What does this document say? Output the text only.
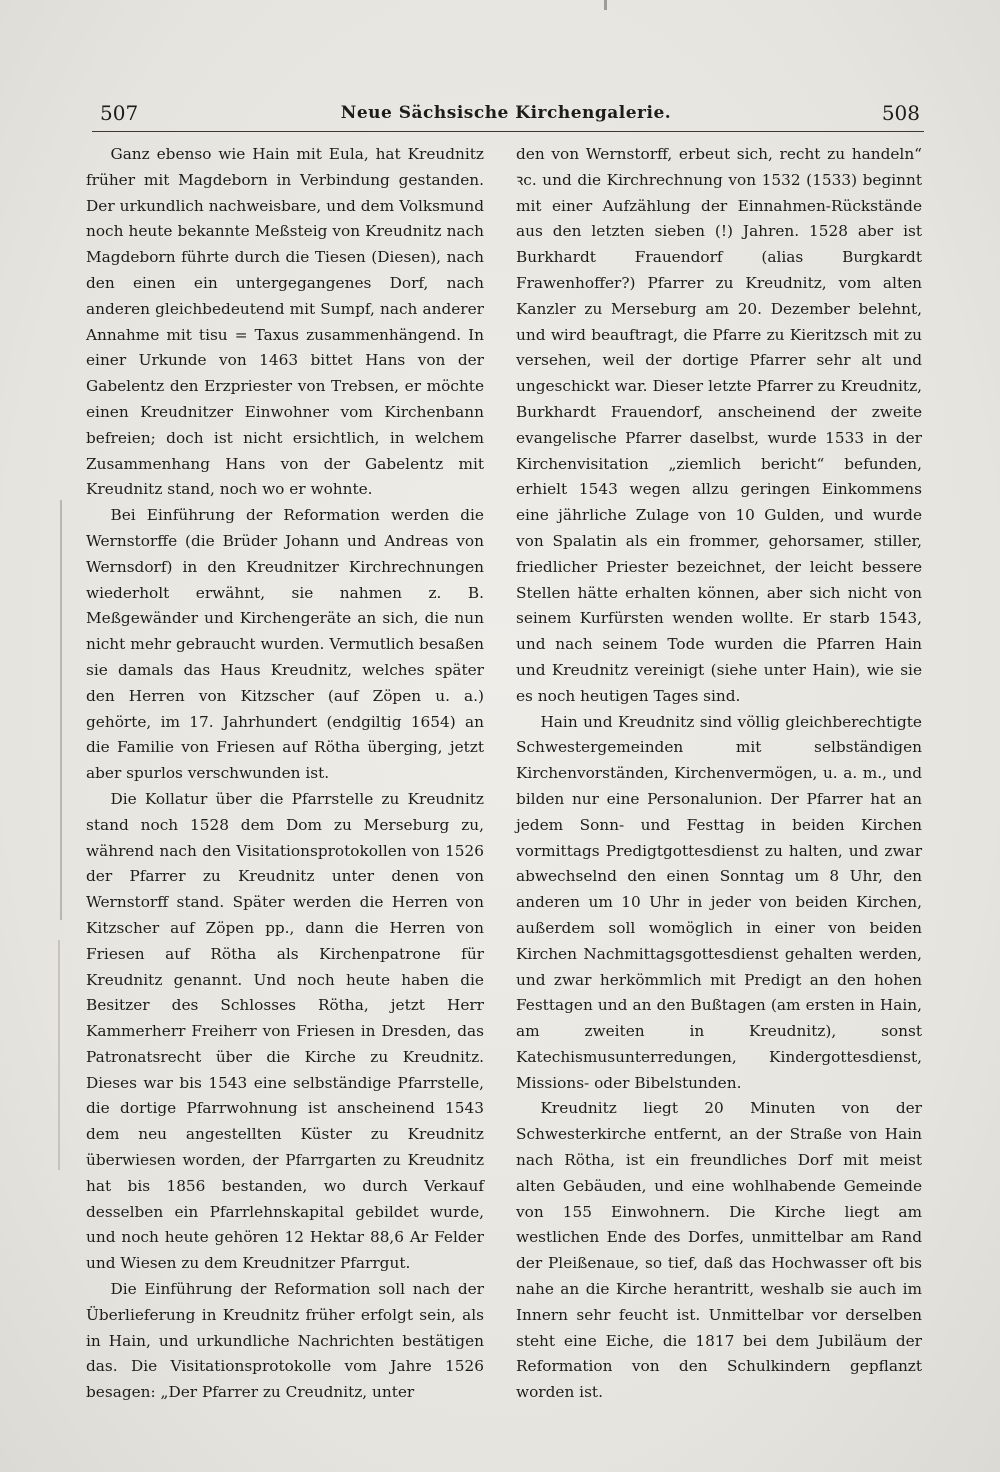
507	Neue Sächsische Kirchengalerie.	508

Ganz ebenso wie Hain mit Eula, hat Kreudnitz früher mit Magdeborn in Verbindung gestanden. Der urkundlich nachweisbare, und dem Volksmund noch heute bekannte Meßsteig von Kreudnitz nach Magdeborn führte durch die Tiesen (Diesen), nach den einen ein untergegangenes Dorf, nach anderen gleichbedeutend mit Sumpf, nach anderer Annahme mit tisu = Taxus zusammenhängend. In einer Urkunde von 1463 bittet Hans von der Gabelentz den Erzpriester von Trebsen, er möchte einen Kreudnitzer Einwohner vom Kirchenbann befreien; doch ist nicht ersichtlich, in welchem Zusammenhang Hans von der Gabelentz mit Kreudnitz stand, noch wo er wohnte.

Bei Einführung der Reformation werden die Wernstorffe (die Brüder Johann und Andreas von Wernsdorf) in den Kreudnitzer Kirchrechnungen wiederholt erwähnt, sie nahmen z. B. Meßgewänder und Kirchengeräte an sich, die nun nicht mehr gebraucht wurden. Vermutlich besaßen sie damals das Haus Kreudnitz, welches später den Herren von Kitzscher (auf Zöpen u. a.) gehörte, im 17. Jahrhundert (endgiltig 1654) an die Familie von Friesen auf Rötha überging, jetzt aber spurlos verschwunden ist.

Die Kollatur über die Pfarrstelle zu Kreudnitz stand noch 1528 dem Dom zu Merseburg zu, während nach den Visitationsprotokollen von 1526 der Pfarrer zu Kreudnitz unter denen von Wernstorff stand. Später werden die Herren von Kitzscher auf Zöpen pp., dann die Herren von Friesen auf Rötha als Kirchenpatrone für Kreudnitz genannt. Und noch heute haben die Besitzer des Schlosses Rötha, jetzt Herr Kammerherr Freiherr von Friesen in Dresden, das Patronatsrecht über die Kirche zu Kreudnitz. Dieses war bis 1543 eine selbständige Pfarrstelle, die dortige Pfarrwohnung ist anscheinend 1543 dem neu angestellten Küster zu Kreudnitz überwiesen worden, der Pfarrgarten zu Kreudnitz hat bis 1856 bestanden, wo durch Verkauf desselben ein Pfarrlehnskapital gebildet wurde, und noch heute gehören 12 Hektar 88,6 Ar Felder und Wiesen zu dem Kreudnitzer Pfarrgut.

Die Einführung der Reformation soll nach der Überlieferung in Kreudnitz früher erfolgt sein, als in Hain, und urkundliche Nachrichten bestätigen das. Die Visitationsprotokolle vom Jahre 1526 besagen: „Der Pfarrer zu Creudnitz, unter

den von Wernstorff, erbeut sich, recht zu handeln“ ꝛc. und die Kirchrechnung von 1532 (1533) beginnt mit einer Aufzählung der Einnahmen-Rückstände aus den letzten sieben (!) Jahren. 1528 aber ist Burkhardt Frauendorf (alias Burgkardt Frawenhoffer?) Pfarrer zu Kreudnitz, vom alten Kanzler zu Merseburg am 20. Dezember belehnt, und wird beauftragt, die Pfarre zu Kieritzsch mit zu versehen, weil der dortige Pfarrer sehr alt und ungeschickt war. Dieser letzte Pfarrer zu Kreudnitz, Burkhardt Frauendorf, anscheinend der zweite evangelische Pfarrer daselbst, wurde 1533 in der Kirchenvisitation „ziemlich bericht“ befunden, erhielt 1543 wegen allzu geringen Einkommens eine jährliche Zulage von 10 Gulden, und wurde von Spalatin als ein frommer, gehorsamer, stiller, friedlicher Priester bezeichnet, der leicht bessere Stellen hätte erhalten können, aber sich nicht von seinem Kurfürsten wenden wollte. Er starb 1543, und nach seinem Tode wurden die Pfarren Hain und Kreudnitz vereinigt (siehe unter Hain), wie sie es noch heutigen Tages sind.

Hain und Kreudnitz sind völlig gleichberechtigte Schwestergemeinden mit selbständigen Kirchenvorständen, Kirchenvermögen, u. a. m., und bilden nur eine Personalunion. Der Pfarrer hat an jedem Sonn- und Festtag in beiden Kirchen vormittags Predigtgottesdienst zu halten, und zwar abwechselnd den einen Sonntag um 8 Uhr, den anderen um 10 Uhr in jeder von beiden Kirchen, außerdem soll womöglich in einer von beiden Kirchen Nachmittagsgottesdienst gehalten werden, und zwar herkömmlich mit Predigt an den hohen Festtagen und an den Bußtagen (am ersten in Hain, am zweiten in Kreudnitz), sonst Katechismusunterredungen, Kindergottesdienst, Missions- oder Bibelstunden.

Kreudnitz liegt 20 Minuten von der Schwesterkirche entfernt, an der Straße von Hain nach Rötha, ist ein freundliches Dorf mit meist alten Gebäuden, und eine wohlhabende Gemeinde von 155 Einwohnern. Die Kirche liegt am westlichen Ende des Dorfes, unmittelbar am Rand der Pleißenaue, so tief, daß das Hochwasser oft bis nahe an die Kirche herantritt, weshalb sie auch im Innern sehr feucht ist. Unmittelbar vor derselben steht eine Eiche, die 1817 bei dem Jubiläum der Reformation von den Schulkindern gepflanzt worden ist.
